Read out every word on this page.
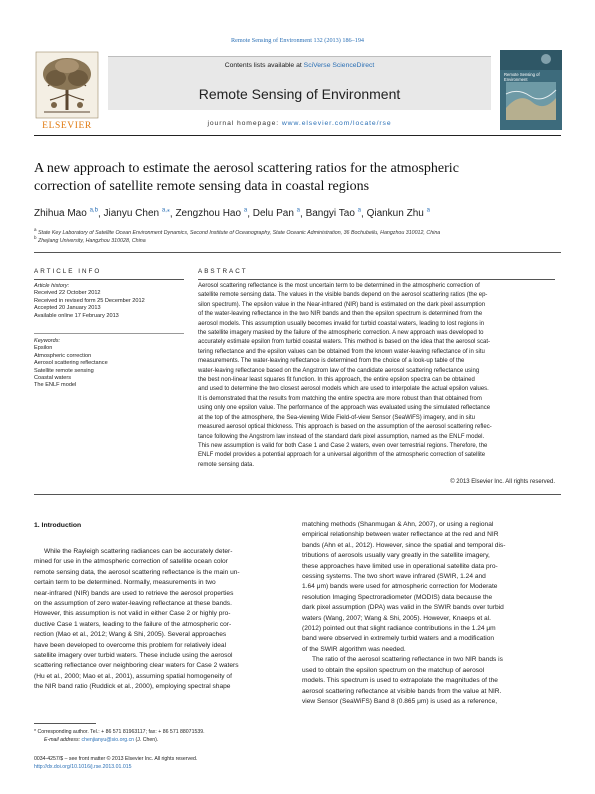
Remote Sensing of Environment 132 (2013) 186–194
ELSEVIER
Contents lists available at SciVerse ScienceDirect
Remote Sensing of Environment
journal homepage: www.elsevier.com/locate/rse
Remote Sensing of Environment
A new approach to estimate the aerosol scattering ratios for the atmospheric
correction of satellite remote sensing data in coastal regions
Zhihua Mao $^{a,b}$, Jianyu Chen $^{a,⁎}$, Zengzhou Hao $^a$, Delu Pan $^a$, Bangyi Tao $^a$, Qiankun Zhu $^a$
$^a$ State Key Laboratory of Satellite Ocean Environment Dynamics, Second Institute of Oceanography, State Oceanic Administration, 36 Bochubeilu, Hangzhou 310012, China
$^b$ Zhejiang University, Hangzhou 310028, China
ARTICLE INFO
Article history:
Received 22 October 2012
Received in revised form 25 December 2012
Accepted 20 January 2013
Available online 17 February 2013
Keywords:
Epsilon
Atmospheric correction
Aerosol scattering reflectance
Satellite remote sensing
Coastal waters
The ENLF model
ABSTRACT
Aerosol scattering reflectance is the most uncertain term to be determined in the atmospheric correction of
satellite remote sensing data. The values in the visible bands depend on the aerosol scattering ratios (the ep-
silon spectrum). The epsilon value in the Near-infrared (NIR) band is estimated on the dark pixel assumption
of the water-leaving reflectance in the two NIR bands and then the epsilon spectrum is determined from the
aerosol models. This assumption usually becomes invalid for turbid coastal waters, leading to lost regions in
the satellite imagery masked by the failure of the atmospheric correction. A new approach was developed to
accurately estimate epsilon from turbid coastal waters. This method is based on the idea that the aerosol scat-
tering reflectance and the epsilon values can be obtained from the known water-leaving reflectance of in situ
measurements. The water-leaving reflectance is determined from the choice of a look-up table of the
water-leaving reflectance based on the Angstrom law of the candidate aerosol scattering reflectance using
the best non-linear least squares fit function. In this approach, the entire epsilon spectra can be obtained
and used to determine the two closest aerosol models which are used to interpolate the actual epsilon values.
It is demonstrated that the results from matching the entire spectra are more robust than that obtained from
using only one epsilon value. The performance of the approach was evaluated using the simulated reflectance
at the top of the atmosphere, the Sea-viewing Wide Field-of-view Sensor (SeaWiFS) imagery, and in situ
measured aerosol optical thickness. This approach is based on the assumption of the aerosol scattering reflec-
tance following the Angstrom law instead of the standard dark pixel assumption, named as the ENLF model.
This new assumption is valid for both Case 1 and Case 2 waters, even over terrestrial regions. Therefore, the
ENLF model provides a potential approach for a universal algorithm of the atmospheric correction of satellite
remote sensing data.
© 2013 Elsevier Inc. All rights reserved.
1. Introduction
While the Rayleigh scattering radiances can be accurately deter-
mined for use in the atmospheric correction of satellite ocean color
remote sensing data, the aerosol scattering reflectance is the main un-
certain term to be determined. Normally, measurements in two
near-infrared (NIR) bands are used to retrieve the aerosol properties
on the assumption of zero water-leaving reflectance at these bands.
However, this assumption is not valid in either Case 2 or highly pro-
ductive Case 1 waters, leading to the failure of the atmospheric cor-
rection (Mao et al., 2012; Wang & Shi, 2005). Several approaches
have been developed to overcome this problem for relatively ideal
satellite imagery over turbid waters. These include using the aerosol
scattering reflectance over neighboring clear waters for Case 2 waters
(Hu et al., 2000; Mao et al., 2001), assuming spatial homogeneity of
the NIR band ratio (Ruddick et al., 2000), employing spectral shape
matching methods (Shanmugan & Ahn, 2007), or using a regional
empirical relationship between water reflectance at the red and NIR
bands (Ahn et al., 2012). However, since the spatial and temporal dis-
tributions of aerosols usually vary greatly in the satellite imagery,
these approaches have limited use in operational satellite data pro-
cessing systems. The two short wave infrared (SWIR, 1.24 and
1.64 μm) bands were used for atmospheric correction for Moderate
resolution Imaging Spectroradiometer (MODIS) data because the
dark pixel assumption (DPA) was valid in the SWIR bands over turbid
waters (Wang, 2007; Wang & Shi, 2005). However, Knaeps et al.
(2012) pointed out that slight radiance contributions in the 1.24 μm
band were observed in extremely turbid waters and a modification
of the SWIR algorithm was needed.
The ratio of the aerosol scattering reflectance in two NIR bands is
used to obtain the epsilon spectrum on the matchup of aerosol
models. This spectrum is used to extrapolate the magnitudes of the
aerosol scattering reflectance at visible bands from the value at NIR.
view Sensor (SeaWiFS) Band 8 (0.865 μm) is used as a reference,
* Corresponding author. Tel.: + 86 571 81963117; fax: + 86 571 88071539.
E-mail address: chenjianyu@sio.org.cn (J. Chen).
0034-4257/$ – see front matter © 2013 Elsevier Inc. All rights reserved.
http://dx.doi.org/10.1016/j.rse.2013.01.015
